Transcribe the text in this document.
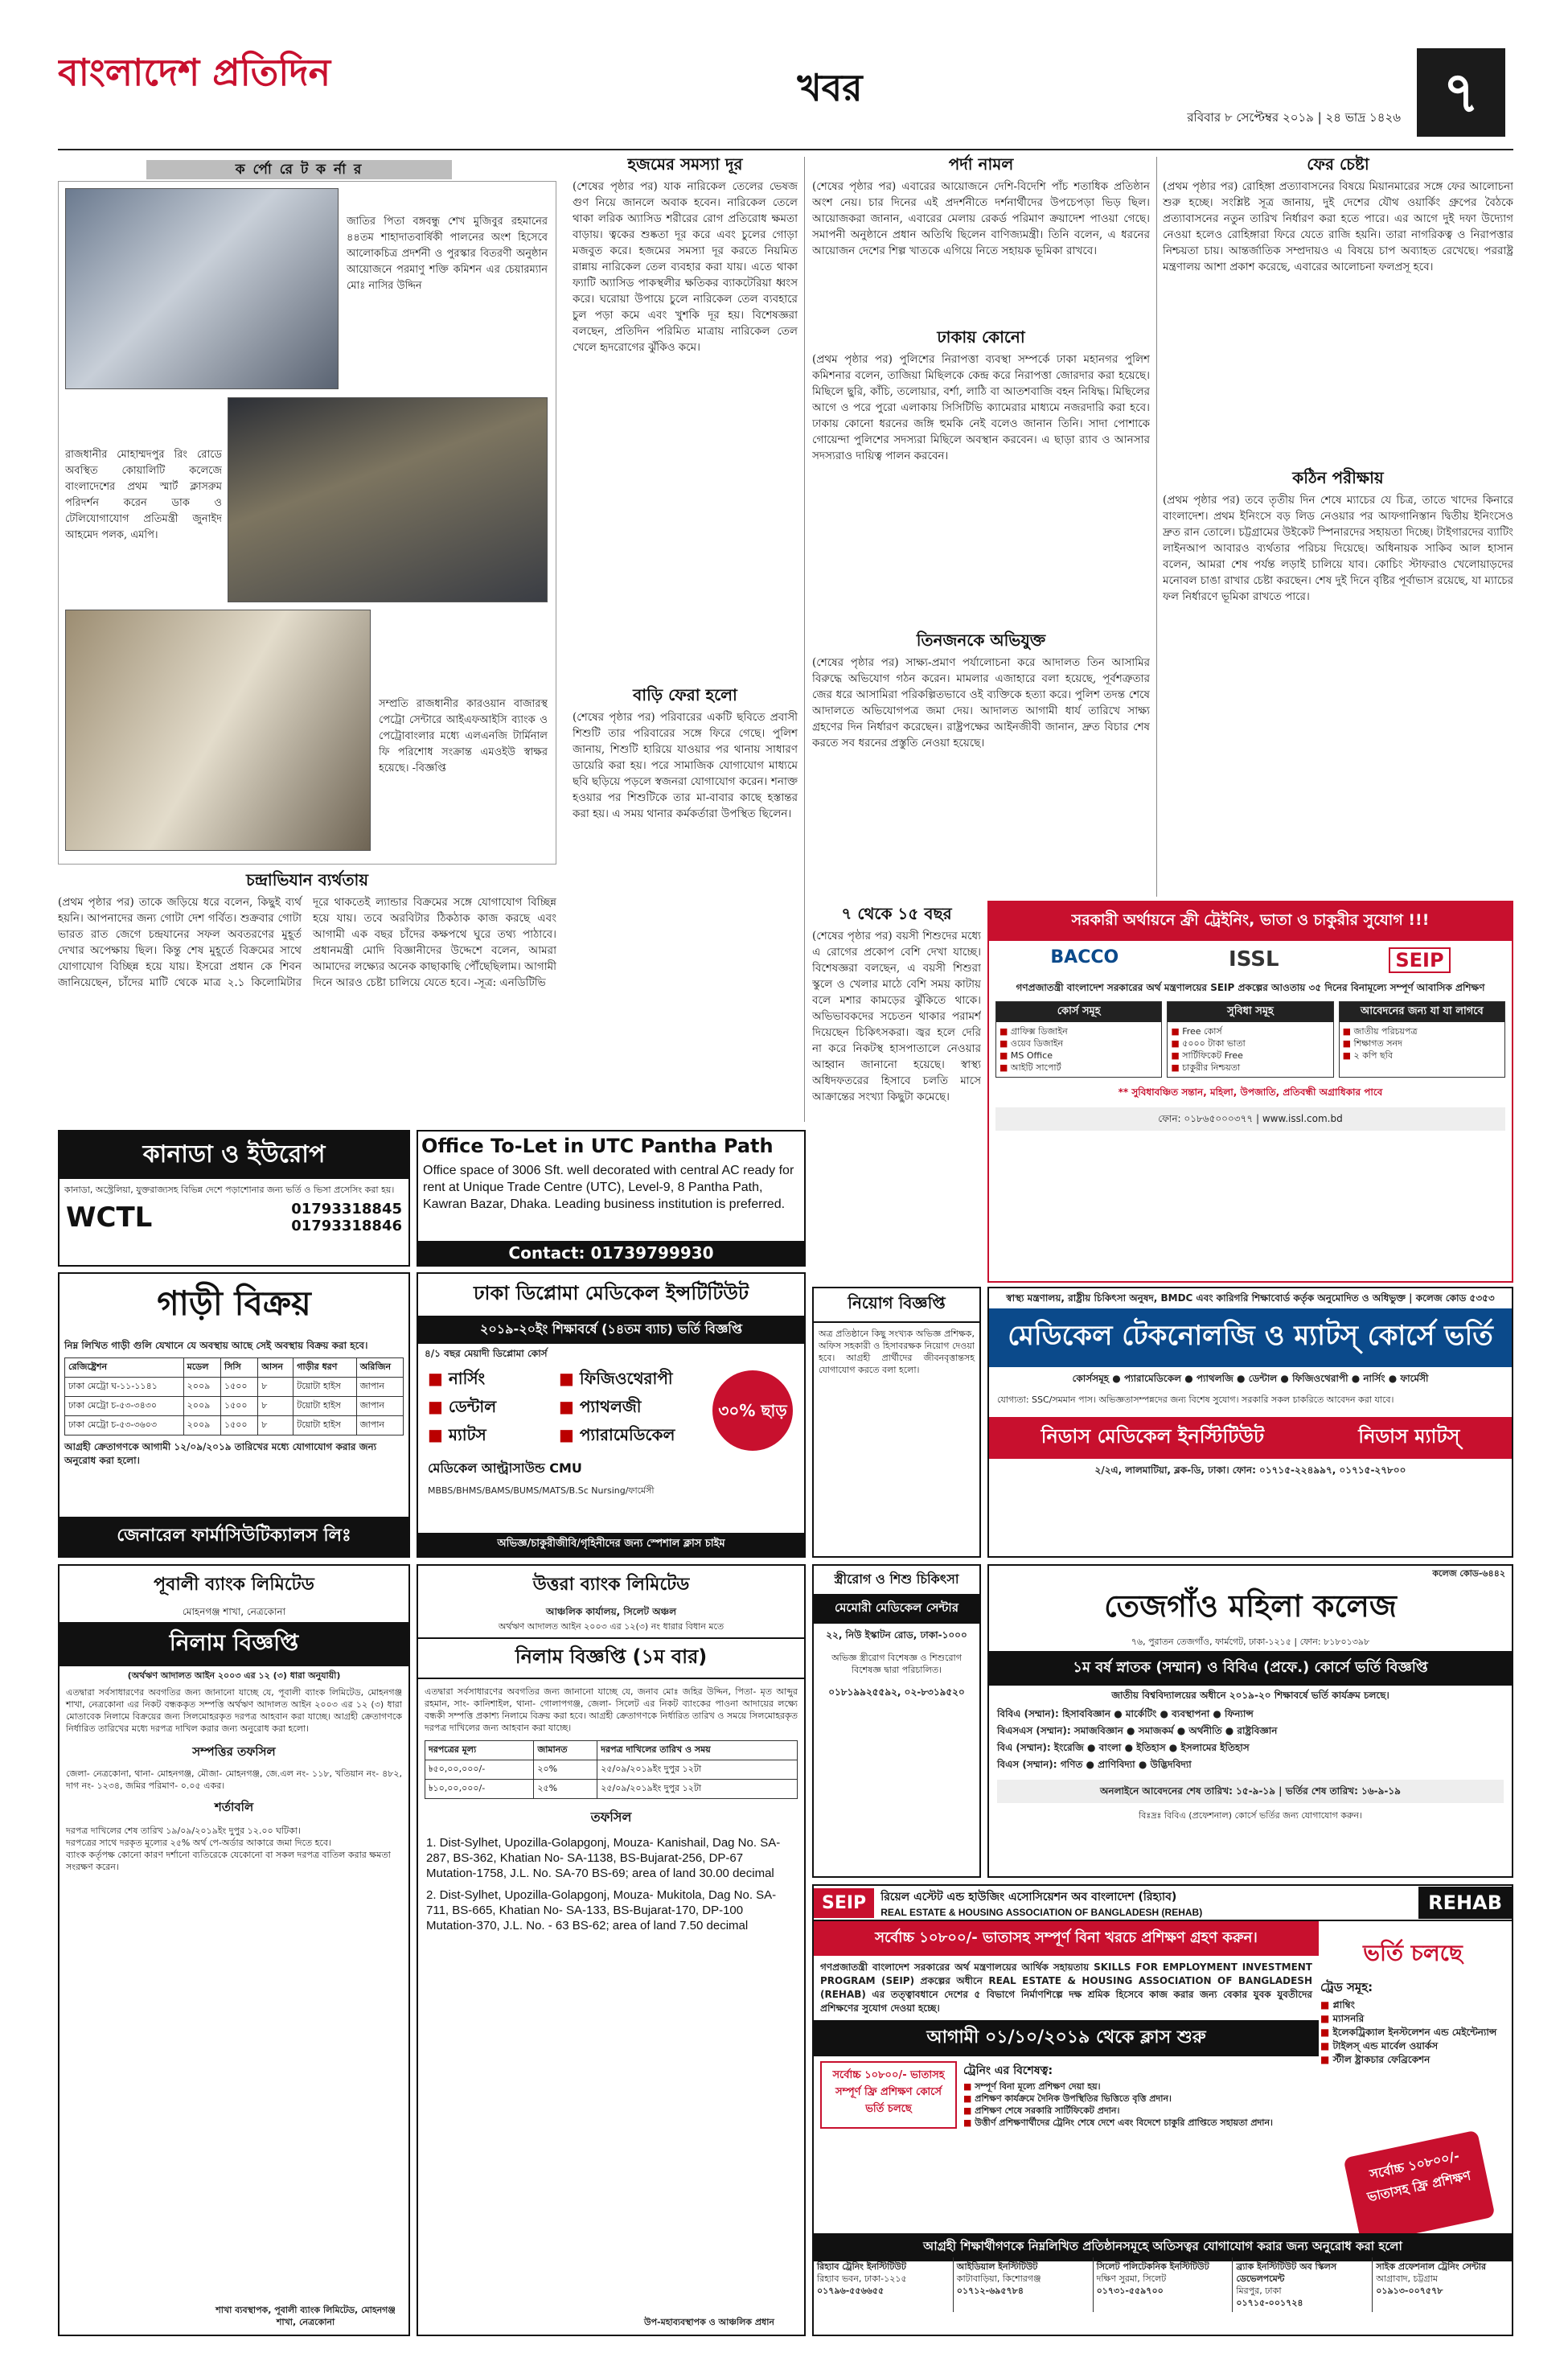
বাংলাদেশ প্রতিদিন	খবর
রবিবার ৮ সেপ্টেম্বর ২০১৯ | ২৪ ভাদ্র ১৪২৬ ৭
ক র্পো রে ট ক র্না র
জাতির পিতা বঙ্গবন্ধু শেখ মুজিবুর রহমানের ৪৪তম শাহাদাতবার্ষিকী পালনের অংশ হিসেবে আলোকচিত্র প্রদর্শনী ও পুরস্কার বিতরণী অনুষ্ঠান আয়োজনে পরমাণু শক্তি কমিশন এর চেয়ারম্যান মোঃ নাসির উদ্দিন
রাজধানীর মোহাম্মদপুর রিং রোডে অবস্থিত কোয়ালিটি কলেজে বাংলাদেশের প্রথম স্মার্ট ক্লাসরুম পরিদর্শন করেন ডাক ও টেলিযোগাযোগ প্রতিমন্ত্রী জুনাইদ আহমেদ পলক, এমপি।
সম্প্রতি রাজধানীর কারওয়ান বাজারস্থ পেট্রো সেন্টারে আইএফআইসি ব্যাংক ও পেট্রোবাংলার মধ্যে এলএনজি টার্মিনাল ফি পরিশোধ সংক্রান্ত এমওইউ স্বাক্ষর হয়েছে। -বিজ্ঞপ্তি
চন্দ্রাভিযান ব্যর্থতায়
(প্রথম পৃষ্ঠার পর) তাকে জড়িয়ে ধরে বলেন, কিছুই ব্যর্থ হয়নি। আপনাদের জন্য গোটা দেশ গর্বিত। শুক্রবার গোটা ভারত রাত জেগে চন্দ্রযানের সফল অবতরণের মুহূর্ত দেখার অপেক্ষায় ছিল। কিন্তু শেষ মুহূর্তে বিক্রমের সাথে যোগাযোগ বিচ্ছিন্ন হয়ে যায়। ইসরো প্রধান কে শিবন জানিয়েছেন, চাঁদের মাটি থেকে মাত্র ২.১ কিলোমিটার দূরে থাকতেই ল্যান্ডার বিক্রমের সঙ্গে যোগাযোগ বিচ্ছিন্ন হয়ে যায়। তবে অরবিটার ঠিকঠাক কাজ করছে এবং আগামী এক বছর চাঁদের কক্ষপথে ঘুরে তথ্য পাঠাবে। প্রধানমন্ত্রী মোদি বিজ্ঞানীদের উদ্দেশে বলেন, আমরা আমাদের লক্ষ্যের অনেক কাছাকাছি পৌঁছেছিলাম। আগামী দিনে আরও চেষ্টা চালিয়ে যেতে হবে। -সূত্র: এনডিটিভি
হজমের সমস্যা দূর
(শেষের পৃষ্ঠার পর) যাক নারিকেল তেলের ভেষজ গুণ নিয়ে জানলে অবাক হবেন। নারিকেল তেলে থাকা লরিক অ্যাসিড শরীরের রোগ প্রতিরোধ ক্ষমতা বাড়ায়। ত্বকের শুষ্কতা দূর করে এবং চুলের গোড়া মজবুত করে। হজমের সমস্যা দূর করতে নিয়মিত রান্নায় নারিকেল তেল ব্যবহার করা যায়। এতে থাকা ফ্যাটি অ্যাসিড পাকস্থলীর ক্ষতিকর ব্যাকটেরিয়া ধ্বংস করে। ঘরোয়া উপায়ে চুলে নারিকেল তেল ব্যবহারে চুল পড়া কমে এবং খুশকি দূর হয়। বিশেষজ্ঞরা বলছেন, প্রতিদিন পরিমিত মাত্রায় নারিকেল তেল খেলে হৃদরোগের ঝুঁকিও কমে।
বাড়ি ফেরা হলো
(শেষের পৃষ্ঠার পর) পরিবারের একটি ছবিতে প্রবাসী শিশুটি তার পরিবারের সঙ্গে ফিরে গেছে। পুলিশ জানায়, শিশুটি হারিয়ে যাওয়ার পর থানায় সাধারণ ডায়েরি করা হয়। পরে সামাজিক যোগাযোগ মাধ্যমে ছবি ছড়িয়ে পড়লে স্বজনরা যোগাযোগ করেন। শনাক্ত হওয়ার পর শিশুটিকে তার মা-বাবার কাছে হস্তান্তর করা হয়। এ সময় থানার কর্মকর্তারা উপস্থিত ছিলেন।
পর্দা নামল
(শেষের পৃষ্ঠার পর) এবারের আয়োজনে দেশি-বিদেশি পাঁচ শতাধিক প্রতিষ্ঠান অংশ নেয়। চার দিনের এই প্রদর্শনীতে দর্শনার্থীদের উপচেপড়া ভিড় ছিল। আয়োজকরা জানান, এবারের মেলায় রেকর্ড পরিমাণ ক্রয়াদেশ পাওয়া গেছে। সমাপনী অনুষ্ঠানে প্রধান অতিথি ছিলেন বাণিজ্যমন্ত্রী। তিনি বলেন, এ ধরনের আয়োজন দেশের শিল্প খাতকে এগিয়ে নিতে সহায়ক ভূমিকা রাখবে।
ঢাকায় কোনো
(প্রথম পৃষ্ঠার পর) পুলিশের নিরাপত্তা ব্যবস্থা সম্পর্কে ঢাকা মহানগর পুলিশ কমিশনার বলেন, তাজিয়া মিছিলকে কেন্দ্র করে নিরাপত্তা জোরদার করা হয়েছে। মিছিলে ছুরি, কাঁচি, তলোয়ার, বর্শা, লাঠি বা আতশবাজি বহন নিষিদ্ধ। মিছিলের আগে ও পরে পুরো এলাকায় সিসিটিভি ক্যামেরার মাধ্যমে নজরদারি করা হবে। ঢাকায় কোনো ধরনের জঙ্গি হুমকি নেই বলেও জানান তিনি। সাদা পোশাকে গোয়েন্দা পুলিশের সদস্যরা মিছিলে অবস্থান করবেন। এ ছাড়া র‌্যাব ও আনসার সদস্যরাও দায়িত্ব পালন করবেন।
তিনজনকে অভিযুক্ত
(শেষের পৃষ্ঠার পর) সাক্ষ্য-প্রমাণ পর্যালোচনা করে আদালত তিন আসামির বিরুদ্ধে অভিযোগ গঠন করেন। মামলার এজাহারে বলা হয়েছে, পূর্বশত্রুতার জের ধরে আসামিরা পরিকল্পিতভাবে ওই ব্যক্তিকে হত্যা করে। পুলিশ তদন্ত শেষে আদালতে অভিযোগপত্র জমা দেয়। আদালত আগামী ধার্য তারিখে সাক্ষ্য গ্রহণের দিন নির্ধারণ করেছেন। রাষ্ট্রপক্ষের আইনজীবী জানান, দ্রুত বিচার শেষ করতে সব ধরনের প্রস্তুতি নেওয়া হয়েছে।
৭ থেকে ১৫ বছর
(শেষের পৃষ্ঠার পর) বয়সী শিশুদের মধ্যে এ রোগের প্রকোপ বেশি দেখা যাচ্ছে। বিশেষজ্ঞরা বলছেন, এ বয়সী শিশুরা স্কুলে ও খেলার মাঠে বেশি সময় কাটায় বলে মশার কামড়ের ঝুঁকিতে থাকে। অভিভাবকদের সচেতন থাকার পরামর্শ দিয়েছেন চিকিৎসকরা। জ্বর হলে দেরি না করে নিকটস্থ হাসপাতালে নেওয়ার আহ্বান জানানো হয়েছে। স্বাস্থ্য অধিদফতরের হিসাবে চলতি মাসে আক্রান্তের সংখ্যা কিছুটা কমেছে।
ফের চেষ্টা
(প্রথম পৃষ্ঠার পর) রোহিঙ্গা প্রত্যাবাসনের বিষয়ে মিয়ানমারের সঙ্গে ফের আলোচনা শুরু হচ্ছে। সংশ্লিষ্ট সূত্র জানায়, দুই দেশের যৌথ ওয়ার্কিং গ্রুপের বৈঠকে প্রত্যাবাসনের নতুন তারিখ নির্ধারণ করা হতে পারে। এর আগে দুই দফা উদ্যোগ নেওয়া হলেও রোহিঙ্গারা ফিরে যেতে রাজি হয়নি। তারা নাগরিকত্ব ও নিরাপত্তার নিশ্চয়তা চায়। আন্তর্জাতিক সম্প্রদায়ও এ বিষয়ে চাপ অব্যাহত রেখেছে। পররাষ্ট্র মন্ত্রণালয় আশা প্রকাশ করেছে, এবারের আলোচনা ফলপ্রসূ হবে।
কঠিন পরীক্ষায়
(প্রথম পৃষ্ঠার পর) তবে তৃতীয় দিন শেষে ম্যাচের যে চিত্র, তাতে খাদের কিনারে বাংলাদেশ। প্রথম ইনিংসে বড় লিড নেওয়ার পর আফগানিস্তান দ্বিতীয় ইনিংসেও দ্রুত রান তোলে। চট্টগ্রামের উইকেট স্পিনারদের সহায়তা দিচ্ছে। টাইগারদের ব্যাটিং লাইনআপ আবারও ব্যর্থতার পরিচয় দিয়েছে। অধিনায়ক সাকিব আল হাসান বলেন, আমরা শেষ পর্যন্ত লড়াই চালিয়ে যাব। কোচিং স্টাফরাও খেলোয়াড়দের মনোবল চাঙা রাখার চেষ্টা করছেন। শেষ দুই দিনে বৃষ্টির পূর্বাভাস রয়েছে, যা ম্যাচের ফল নির্ধারণে ভূমিকা রাখতে পারে।
সরকারী অর্থায়নে ফ্রী ট্রেইনিং, ভাতা ও চাকুরীর সুযোগ !!!
BACCO	ISSL	SEIP
গণপ্রজাতন্ত্রী বাংলাদেশ সরকারের অর্থ মন্ত্রণালয়ের SEIP প্রকল্পের আওতায় ৩৫ দিনের বিনামূল্যে সম্পূর্ণ আবাসিক প্রশিক্ষণ
কোর্স সমূহ
■ গ্রাফিক্স ডিজাইন
■ ওয়েব ডিজাইন
■ MS Office
■ আইটি সাপোর্ট
সুবিধা সমূহ
■ Free কোর্স
■ ৫০০০ টাকা ভাতা
■ সার্টিফিকেট Free
■ চাকুরীর নিশ্চয়তা
আবেদনের জন্য যা যা লাগবে
■ জাতীয় পরিচয়পত্র
■ শিক্ষাগত সনদ
■ ২ কপি ছবি
** সুবিধাবঞ্চিত সন্তান, মহিলা, উপজাতি, প্রতিবন্ধী অগ্রাধিকার পাবে
ফোন: ০১৮৬৫০০০৩৭৭ | www.issl.com.bd
কানাডা ও ইউরোপ
কানাডা, অস্ট্রেলিয়া, যুক্তরাজ্যসহ বিভিন্ন দেশে পড়াশোনার জন্য ভর্তি ও ভিসা প্রসেসিং করা হয়।
WCTL	01793318845
01793318846
Office To-Let in UTC Pantha Path
Office space of 3006 Sft. well decorated with central AC ready for rent at Unique Trade Centre (UTC), Level-9, 8 Pantha Path, Kawran Bazar, Dhaka. Leading business institution is preferred.
Contact: 01739799930
গাড়ী বিক্রয়
নিম্ন লিখিত গাড়ী গুলি যেখানে যে অবস্থায় আছে সেই অবস্থায় বিক্রয় করা হবে।
রেজিষ্ট্রেশন	মডেল	সিসি	আসন	গাড়ীর ধরণ	অরিজিন
ঢাকা মেট্রো ঘ-১১-১১৪১	২০০৯	১৫০০	৮	টয়োটা হাইস	জাপান
ঢাকা মেট্রো চ-৫৩-৩৪৩০	২০০৯	১৫০০	৮	টয়োটা হাইস	জাপান
ঢাকা মেট্রো চ-৫৩-৩৬০৩	২০০৯	১৫০০	৮	টয়োটা হাইস	জাপান
আগ্রহী ক্রেতাগণকে আগামী ১২/০৯/২০১৯ তারিখের মধ্যে যোগাযোগ করার জন্য অনুরোধ করা হলো।
জেনারেল ফার্মাসিউটিক্যালস লিঃ
ঢাকা ডিপ্লোমা মেডিকেল ইন্সটিটিউট
২০১৯-২০ইং শিক্ষাবর্ষে (১৪তম ব্যাচ) ভর্তি বিজ্ঞপ্তি
৪/১ বছর মেয়াদী ডিপ্লোমা কোর্স
■ নার্সিং	■ ফিজিওথেরাপী
■ ডেন্টাল	■ প্যাথলজী
■ ম্যাটস	■ প্যারামেডিকেল
৩০% ছাড়
মেডিকেল আল্ট্রাসাউন্ড CMU
MBBS/BHMS/BAMS/BUMS/MATS/B.Sc Nursing/ফার্মেসী
অভিজ্ঞ/চাকুরীজীবি/গৃহিনীদের জন্য স্পেশাল ক্লাস চাইম
নিয়োগ বিজ্ঞপ্তি
অত্র প্রতিষ্ঠানে কিছু সংখ্যক অভিজ্ঞ প্রশিক্ষক, অফিস সহকারী ও হিসাবরক্ষক নিয়োগ দেওয়া হবে। আগ্রহী প্রার্থীদের জীবনবৃত্তান্তসহ যোগাযোগ করতে বলা হলো।
স্বাস্থ্য মন্ত্রণালয়, রাষ্ট্রীয় চিকিৎসা অনুষদ, BMDC এবং কারিগরি শিক্ষাবোর্ড কর্তৃক অনুমোদিত ও অধিভুক্ত | কলেজ কোড ৫৩৫৩
মেডিকেল টেকনোলজি ও ম্যাটস্ কোর্সে ভর্তি
কোর্সসমূহ ● প্যারামেডিকেল ● প্যাথলজি ● ডেন্টাল ● ফিজিওথেরাপী ● নার্সিং ● ফার্মেসী
যোগ্যতা: SSC/সমমান পাস। অভিজ্ঞতাসম্পন্নদের জন্য বিশেষ সুযোগ। সরকারি সকল চাকরিতে আবেদন করা যাবে।
নিডাস মেডিকেল ইনস্টিটিউট	নিডাস ম্যাটস্
২/২এ, লালমাটিয়া, ব্লক-ডি, ঢাকা। ফোন: ০১৭১৫-২২৪৯৯৭, ০১৭১৫-২৭৮০০
পূবালী ব্যাংক লিমিটেড
মোহনগঞ্জ শাখা, নেত্রকোনা
নিলাম বিজ্ঞপ্তি
(অর্থঋণ আদালত আইন ২০০৩ এর ১২ (৩) ধারা অনুযায়ী)
এতদ্বারা সর্বসাধারণের অবগতির জন্য জানানো যাচ্ছে যে, পূবালী ব্যাংক লিমিটেড, মোহনগঞ্জ শাখা, নেত্রকোনা এর নিকট বন্ধককৃত সম্পত্তি অর্থঋণ আদালত আইন ২০০৩ এর ১২ (৩) ধারা মোতাবেক নিলামে বিক্রয়ের জন্য সিলমোহরকৃত দরপত্র আহবান করা যাচ্ছে। আগ্রহী ক্রেতাগণকে নির্ধারিত তারিখের মধ্যে দরপত্র দাখিল করার জন্য অনুরোধ করা হলো।
সম্পত্তির তফসিল
জেলা- নেত্রকোনা, থানা- মোহনগঞ্জ, মৌজা- মোহনগঞ্জ, জে.এল নং- ১১৮, খতিয়ান নং- ৪৮২, দাগ নং- ১২৩৪, জমির পরিমাণ- ০.০৫ একর।
শর্তাবলি
দরপত্র দাখিলের শেষ তারিখ ১৯/০৯/২০১৯ইং দুপুর ১২.০০ ঘটিকা।
দরপত্রের সাথে দরকৃত মূল্যের ২৫% অর্থ পে-অর্ডার আকারে জমা দিতে হবে।
ব্যাংক কর্তৃপক্ষ কোনো কারণ দর্শানো ব্যতিরেকে যেকোনো বা সকল দরপত্র বাতিল করার ক্ষমতা সংরক্ষণ করেন।
শাখা ব্যবস্থাপক, পূবালী ব্যাংক লিমিটেড, মোহনগঞ্জ শাখা, নেত্রকোনা
উত্তরা ব্যাংক লিমিটেড
আঞ্চলিক কার্যালয়, সিলেট অঞ্চল
অর্থঋণ আদালত আইন ২০০৩ এর ১২(৩) নং ধারার বিধান মতে
নিলাম বিজ্ঞপ্তি (১ম বার)
এতদ্বারা সর্বসাধারণের অবগতির জন্য জানানো যাচ্ছে যে, জনাব মোঃ জহির উদ্দিন, পিতা- মৃত আব্দুর রহমান, সাং- কানিশাইল, থানা- গোলাপগঞ্জ, জেলা- সিলেট এর নিকট ব্যাংকের পাওনা আদায়ের লক্ষ্যে বন্ধকী সম্পত্তি প্রকাশ্য নিলামে বিক্রয় করা হবে। আগ্রহী ক্রেতাগণকে নির্ধারিত তারিখ ও সময়ে সিলমোহরকৃত দরপত্র দাখিলের জন্য আহবান করা যাচ্ছে।
দরপত্রের মূল্য	জামানত	দরপত্র দাখিলের তারিখ ও সময়
৳৫০,০০,০০০/-	২০%	২৫/০৯/২০১৯ইং দুপুর ১২টা
৳১০,০০,০০০/-	২৫%	২৫/০৯/২০১৯ইং দুপুর ১২টা
তফসিল
1. Dist-Sylhet, Upozilla-Golapgonj, Mouza- Kanishail, Dag No. SA-287, BS-362, Khatian No- SA-1138, BS-Bujarat-256, DP-67 Mutation-1758, J.L. No. SA-70 BS-69; area of land 30.00 decimal
2. Dist-Sylhet, Upozilla-Golapgonj, Mouza- Mukitola, Dag No. SA-711, BS-665, Khatian No- SA-133, BS-Bujarat-170, DP-100 Mutation-370, J.L. No. - 63 BS-62; area of land 7.50 decimal
উপ-মহাব্যবস্থাপক ও আঞ্চলিক প্রধান
স্ত্রীরোগ ও শিশু চিকিৎসা
মেমোরী মেডিকেল সেন্টার
২২, নিউ ইস্কাটন রোড, ঢাকা-১০০০
অভিজ্ঞ স্ত্রীরোগ বিশেষজ্ঞ ও শিশুরোগ বিশেষজ্ঞ দ্বারা পরিচালিত।
০১৮১৯৯২৫৫৯২, ০২-৮৩১৯৫২০
কলেজ কোড-৬৪৪২
তেজগাঁও মহিলা কলেজ
৭৬, পুরাতন তেজগাঁও, ফার্মগেট, ঢাকা-১২১৫ | ফোন: ৮১৮০১৩৯৮
১ম বর্ষ স্নাতক (সম্মান) ও বিবিএ (প্রফে.) কোর্সে ভর্তি বিজ্ঞপ্তি
জাতীয় বিশ্ববিদ্যালয়ের অধীনে ২০১৯-২০ শিক্ষাবর্ষে ভর্তি কার্যক্রম চলছে।
বিবিএ (সম্মান): হিসাববিজ্ঞান ● মার্কেটিং ● ব্যবস্থাপনা ● ফিন্যান্স
বিএসএস (সম্মান): সমাজবিজ্ঞান ● সমাজকর্ম ● অর্থনীতি ● রাষ্ট্রবিজ্ঞান
বিএ (সম্মান): ইংরেজি ● বাংলা ● ইতিহাস ● ইসলামের ইতিহাস
বিএস (সম্মান): গণিত ● প্রাণিবিদ্যা ● উদ্ভিদবিদ্যা
অনলাইনে আবেদনের শেষ তারিখ: ১৫-৯-১৯ | ভর্তির শেষ তারিখ: ১৬-৯-১৯
বিঃদ্রঃ বিবিএ (প্রফেশনাল) কোর্সে ভর্তির জন্য যোগাযোগ করুন।
SEIP	রিয়েল এস্টেট এন্ড হাউজিং এসোসিয়েশন অব বাংলাদেশ (রিহ্যাব)
REAL ESTATE & HOUSING ASSOCIATION OF BANGLADESH (REHAB)	REHAB
সর্বোচ্চ ১০৮০০/- ভাতাসহ সম্পূর্ণ বিনা খরচে প্রশিক্ষণ গ্রহণ করুন।
গণপ্রজাতন্ত্রী বাংলাদেশ সরকারের অর্থ মন্ত্রণালয়ের আর্থিক সহায়তায় SKILLS FOR EMPLOYMENT INVESTMENT PROGRAM (SEIP) প্রকল্পের অধীনে REAL ESTATE & HOUSING ASSOCIATION OF BANGLADESH (REHAB) এর তত্ত্বাবধানে দেশের ৫ বিভাগে নির্মাণশিল্পে দক্ষ শ্রমিক হিসেবে কাজ করার জন্য বেকার যুবক যুবতীদের প্রশিক্ষণের সুযোগ দেওয়া হচ্ছে।
আগামী ০১/১০/২০১৯ থেকে ক্লাস শুরু
ভর্তি চলছে
ট্রেড সমূহ:
■ প্লাম্বিং
■ ম্যাসনরি
■ ইলেকট্রিক্যাল ইনস্টলেশন এন্ড মেইন্টেন্যান্স
■ টাইলস্ এন্ড মার্বেল ওয়ার্কস
■ স্টীল ষ্ট্রাকচার ফেব্রিকেশন
সর্বোচ্চ ১০৮০০/- ভাতাসহ ফ্রি প্রশিক্ষণ
সর্বোচ্চ ১০৮০০/- ভাতাসহ সম্পূর্ণ ফ্রি প্রশিক্ষণ কোর্সে ভর্তি চলছে
ট্রেনিং এর বিশেষত্ব:
■ সম্পূর্ণ বিনা মূল্যে প্রশিক্ষণ দেয়া হয়।
■ প্রশিক্ষণ কার্যক্রমে দৈনিক উপস্থিতির ভিত্তিতে বৃত্তি প্রদান।
■ প্রশিক্ষণ শেষে সরকারি সার্টিফিকেট প্রদান।
■ উত্তীর্ণ প্রশিক্ষণার্থীদের ট্রেনিং শেষে দেশে এবং বিদেশে চাকুরি প্রাপ্তিতে সহায়তা প্রদান।
আগ্রহী শিক্ষার্থীগণকে নিম্নলিখিত প্রতিষ্ঠানসমূহে অতিসত্বর যোগাযোগ করার জন্য অনুরোধ করা হলো
রিহ্যাব ট্রেনিং ইনস্টিটিউট
রিহ্যাব ভবন, ঢাকা-১২১৫
০১৭৯৬-৫৫৬৬৫৫
আইডিয়াল ইনস্টিটিউট
কাটাবাড়িয়া, কিশোরগঞ্জ
০১৭১২-৬৯৫৭৮৪
সিলেট পলিটেকনিক ইনস্টিটিউট
দক্ষিণ সুরমা, সিলেট
০১৭৩১-৫৫৯৭০০
ব্র্যাক ইনস্টিটিউট অব স্কিলস ডেভেলপমেন্ট
মিরপুর, ঢাকা
০১৭১৫-০০১৭২৪
সাইক প্রফেশনাল ট্রেনিং সেন্টার
আগ্রাবাদ, চট্টগ্রাম
০১৯১৩-০০৭৫৭৮
